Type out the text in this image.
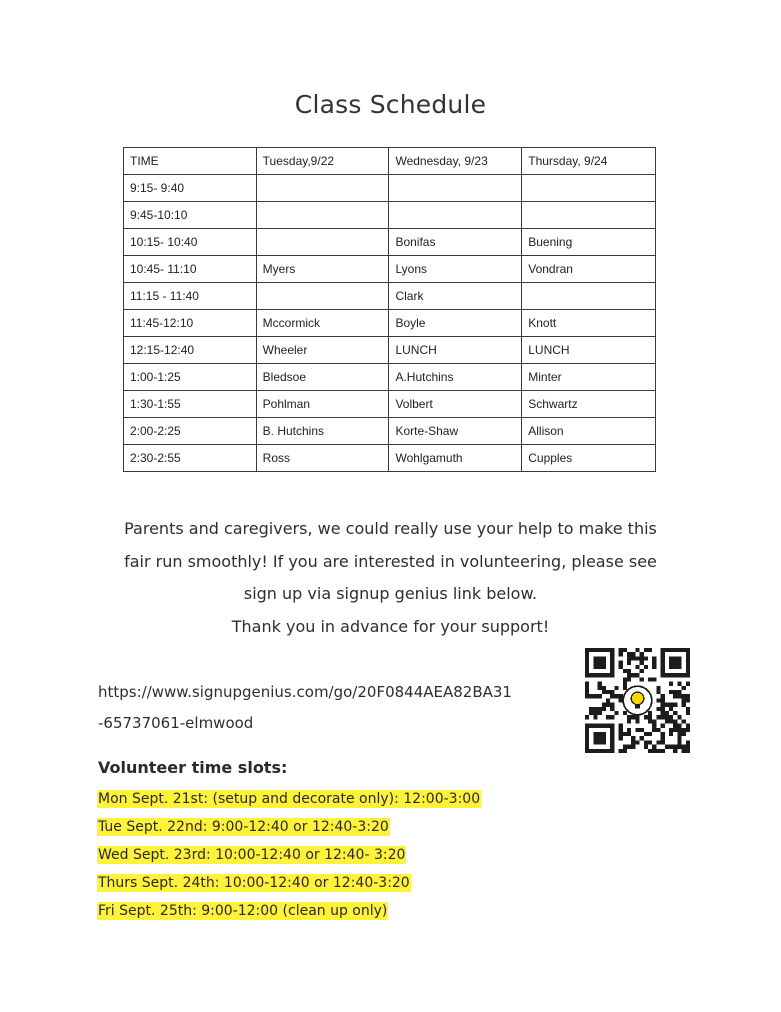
Class Schedule
TIME	Tuesday,9/22	Wednesday, 9/23	Thursday, 9/24
9:15- 9:40			
9:45-10:10			
10:15- 10:40		Bonifas	Buening
10:45- 11:10	Myers	Lyons	Vondran
11:15 - 11:40		Clark	
11:45-12:10	Mccormick	Boyle	Knott
12:15-12:40	Wheeler	LUNCH	LUNCH
1:00-1:25	Bledsoe	A.Hutchins	Minter
1:30-1:55	Pohlman	Volbert	Schwartz
2:00-2:25	B. Hutchins	Korte-Shaw	Allison
2:30-2:55	Ross	Wohlgamuth	Cupples
Parents and caregivers, we could really use your help to make this
fair run smoothly! If you are interested in volunteering, please see
sign up via signup genius link below.
Thank you in advance for your support!
https://www.signupgenius.com/go/20F0844AEA82BA31
-65737061-elmwood
Volunteer time slots:
Mon Sept. 21st: (setup and decorate only): 12:00-3:00
Tue Sept. 22nd: 9:00-12:40 or 12:40-3:20
Wed Sept. 23rd: 10:00-12:40 or 12:40- 3:20
Thurs Sept. 24th: 10:00-12:40 or 12:40-3:20
Fri Sept. 25th: 9:00-12:00 (clean up only)
